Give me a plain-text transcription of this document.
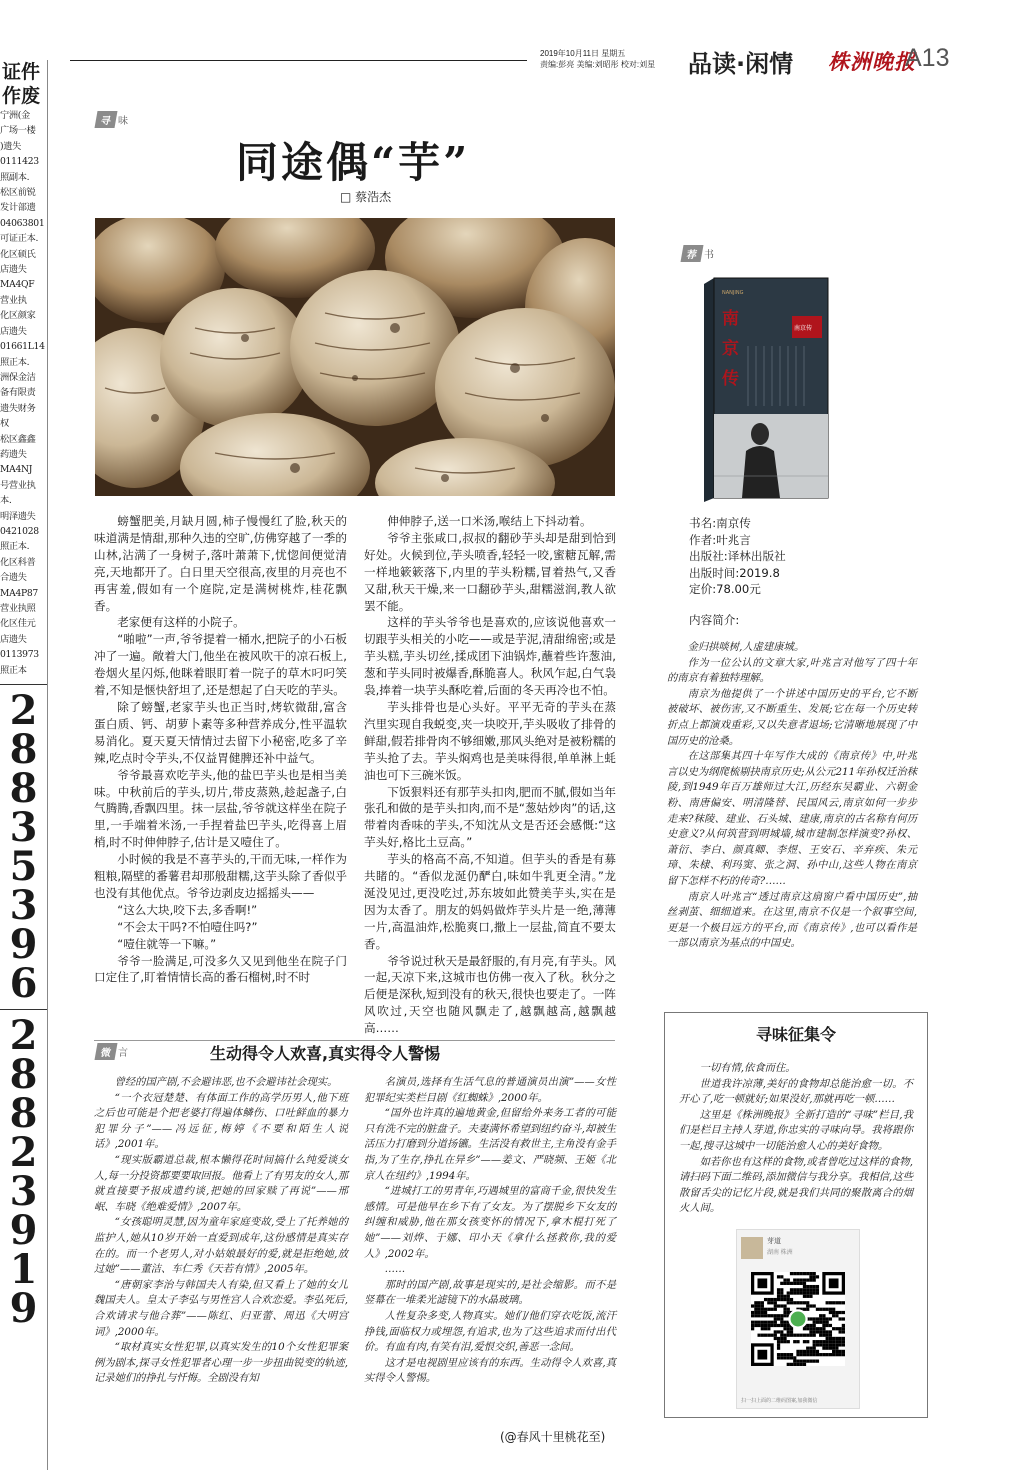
证件
作废
宁洲(金
广场一楼
)遗失
0111423
照副本.
松区前锐
发计部遗
04063801
可证正本.
化区硕氏
店遗失
MA4QF
营业执
化区颜家
店遗失
01661L14
照正本.
洲保金洁
备有限责
遗失财务
权
松区鑫鑫
药遗失
MA4NJ
号营业执
本.
明泽遗失
0421028
照正本.
化区科普
合遗失
MA4P87
营业执照
化区佳元
店遗失
0113973
照正本
2
8
8
3
5
3
9
6
2
8
8
2
3
9
1
9
2019年10月11日 星期五
责编:彭亮 美编:刘昭彤 校对:刘星	品读·闲情 株洲晚报
A13
寻 味
同途偶“芋”
□ 蔡浩杰

螃蟹肥美,月缺月圆,柿子慢慢红了脸,秋天的味道满是情甜,那种久违的空旷,仿佛穿越了一季的山林,沾满了一身树子,落叶萧萧下,忧惚间便觉清亮,天地都开了。白日里天空很高,夜里的月亮也不再害羞,假如有一个庭院,定是满树桃炸,桂花飘香。

老家便有这样的小院子。

“啪啦”一声,爷爷提着一桶水,把院子的小石板冲了一遍。敞着大门,他坐在被风吹干的凉石板上,卷烟火星闪烁,他眯着眼盯着一院子的草木叼叼笑着,不知是惬快舒坦了,还是想起了白天吃的芋头。

除了螃蟹,老家芋头也正当时,烤软微甜,富含蛋白质、钙、胡萝卜素等多种营养成分,性平温软易消化。夏天夏天情情过去留下小秘密,吃多了辛辣,吃点时令芋头,不仅益胃健脾还补中益气。

爷爷最喜欢吃芋头,他的盐巴芋头也是相当美味。中秋前后的芋头,切片,带皮蒸熟,趁起盏子,白气腾腾,香飘四里。抹一层盐,爷爷就这样坐在院子里,一手端着米汤,一手捏着盐巴芋头,吃得喜上眉梢,时不时伸伸脖子,估计是又噎住了。

小时候的我是不喜芋头的,干而无味,一样作为粗粮,隔壁的番薯君却那般甜糯,这芋头除了香似乎也没有其他优点。爷爷边剥皮边摇摇头——

“这么大块,咬下去,多香啊!”

“不会太干吗?不怕噎住吗?”

“噎住就等一下嘛。”

爷爷一脸满足,可没多久又见到他坐在院子门口定住了,盯着情情长高的番石榴树,时不时

伸伸脖子,送一口米汤,喉结上下抖动着。

爷爷主张咸口,叔叔的翻砂芋头却是甜到恰到好处。火候到位,芋头喷香,轻轻一咬,蜜糖瓦解,需一样地簌簌落下,内里的芋头粉糯,冒着热气,又香又甜,秋天干燥,来一口翻砂芋头,甜糯滋润,教人欲罢不能。

这样的芋头爷爷也是喜欢的,应该说他喜欢一切跟芋头相关的小吃——或是芋泥,清甜绵密;或是芋头糕,芋头切丝,揉成团下油锅炸,蘸着些许葱油,葱和芋头同时被爆香,酥脆喜人。秋风乍起,白气袅袅,捧着一块芋头酥吃着,后面的冬天再冷也不怕。

芋头排骨也是心头好。平平无奇的芋头在蒸汽里实现自我蜕变,夹一块咬开,芋头吸收了排骨的鲜甜,假若排骨肉不够细嫩,那风头绝对是被粉糯的芋头抢了去。芋头焖鸡也是美味得很,单单淋上蚝油也可下三碗米饭。

下饭狠料还有那芋头扣肉,肥而不腻,假如当年张孔和做的是芋头扣肉,而不是“葱姑炒肉”的话,这带着肉香味的芋头,不知沈从文是否还会感慨:“这芋头好,格比土豆高。”

芋头的格高不高,不知道。但芋头的香是有募共睹的。“香似龙涎仍酽白,味如牛乳更全清。”龙涎没见过,更没吃过,苏东坡如此赞美芋头,实在是因为太香了。朋友的妈妈做炸芋头片是一绝,薄薄一片,高温油炸,松脆爽口,撒上一层盐,简直不要太香。

爷爷说过秋天是最舒服的,有月亮,有芋头。风一起,天凉下来,这城市也仿佛一夜入了秋。秋分之后便是深秋,短到没有的秋天,很快也要走了。一阵风吹过,天空也随风飘走了,越飘越高,越飘越高……

微 言	生动得令人欢喜,真实得令人警惕

曾经的国产剧,不会避讳恶,也不会避讳社会现实。

“一个衣冠楚楚、有体面工作的高学历男人,他下班之后也可能是个把老婆打得遍体鳞伤、口吐鲜血的暴力犯罪分子”——冯远征,梅婷《不要和陌生人说话》,2001年。

“现实版霸道总裁,根本懒得花时间搞什么纯爱谈女人,每一分投资都要要取回报。他看上了有男友的女人,那就直接要予报成遗约谈,把她的回家赎了再说”——邢岷、车晓《绝难爱情》,2007年。

“女孩聪明灵慧,因为童年家庭变故,受上了托养她的监护人,她从10岁开始一直爱到成年,这份感情是真实存在的。而一个老男人,对小姑娘最好的爱,就是拒绝她,放过她”——董洁、车仁秀《天若有情》,2005年。

“唐朝家李治与韩国夫人有染,但又看上了她的女儿魏国夫人。皇太子李弘与男性宫人合欢恋爱。李弘死后,合欢请求与他合葬”——陈红、归亚蕾、周迅《大明宫词》,2000年。

“取材真实女性犯罪,以真实发生的10个女性犯罪案例为剧本,探寻女性犯罪者心理一步一步扭曲锐变的轨迹,记录她们的挣扎与忏悔。全剧没有知

名演员,选择有生活气息的普通演员出演”——女性犯罪纪实类栏目剧《红蜘蛛》,2000年。

“国外也许真的遍地黄金,但留给外来务工者的可能只有洗不完的脏盘子。夫妻满怀希望到纽约奋斗,却被生活压力打磨到分道扬镳。生活没有救世主,主角没有金手指,为了生存,挣扎在异乡”——姜文、严晓频、王姬《北京人在纽约》,1994年。

“进城打工的男青年,巧遇城里的富商千金,很快发生感情。可是他早在乡下有了女友。为了摆脱乡下女友的纠缠和威胁,他在那女孩变怀的情况下,拿木棍打死了她”——刘烨、于娜、印小天《拿什么拯救你,我的爱人》,2002年。

……

那时的国产剧,故事是现实的,是社会缩影。而不是竖幕在一堆柔光滤镜下的水晶玻璃。

人性复杂多变,人物真实。她们/他们穿衣吃饭,流汗挣钱,面临权力或埋怨,有追求,也为了这些追求而付出代价。有血有肉,有笑有泪,爱恨交织,善恶一念间。

这才是电视剧里应该有的东西。生动得令人欢喜,真实得令人警惕。

(@春风十里桃花至)
荐 书
NANJING
南
京
传
南京传
书名:南京传
作者:叶兆言
出版社:译林出版社
出版时间:2019.8
定价:78.00元
内容简介:

金归拱啖树,人虚建康城。

作为一位公认的文章大家,叶兆言对他写了四十年的南京有着独特理解。

南京为他提供了一个讲述中国历史的平台,它不断被破坏、被伤害,又不断重生、发展;它在每一个历史转折点上都演戏重彩,又以失意者退场;它清晰地展现了中国历史的沧桑。

在这部集其四十年写作大成的《南京传》中,叶兆言以史为纲爬梳剔抉南京历史;从公元211年孙权迁治秣陵,到1949年百万雄师过大江,历经东吴霸业、六朝金粉、南唐偏安、明清隆替、民国风云,南京如何一步步走来?秣陵、建业、石头城、建康,南京的古名称有何历史意义?从何筑营到明城墙,城市建制怎样演变?孙权、萧衍、李白、颜真卿、李煜、王安石、辛弃疾、朱元璋、朱棣、利玛窦、张之洞、孙中山,这些人物在南京留下怎样不朽的传奇?……

南京人叶兆言“透过南京这扇窗户看中国历史”,抽丝剥茧、细细道来。在这里,南京不仅是一个叙事空间,更是一个极目远方的平台,而《南京传》,也可以看作是一部以南京为基点的中国史。

寻味征集令

一切有情,依食而住。

世道我许凉薄,美好的食物却总能治愈一切。不开心了,吃一顿就好;如果没好,那就再吃一顿……

这里是《株洲晚报》全新打造的“寻味”栏目,我们是栏目主持人芽道,你忠实的寻味向导。我将跟你一起,搜寻这城中一切能治愈人心的美好食物。

如若你也有这样的食物,或者曾吃过这样的食物,请扫码下面二维码,添加微信与我分享。我相信,这些散留舌尖的记忆片段,就是我们共同的聚散离合的烟火人间。

芽道
湖南 株洲
扫一扫上面的二维码图案,加我微信
